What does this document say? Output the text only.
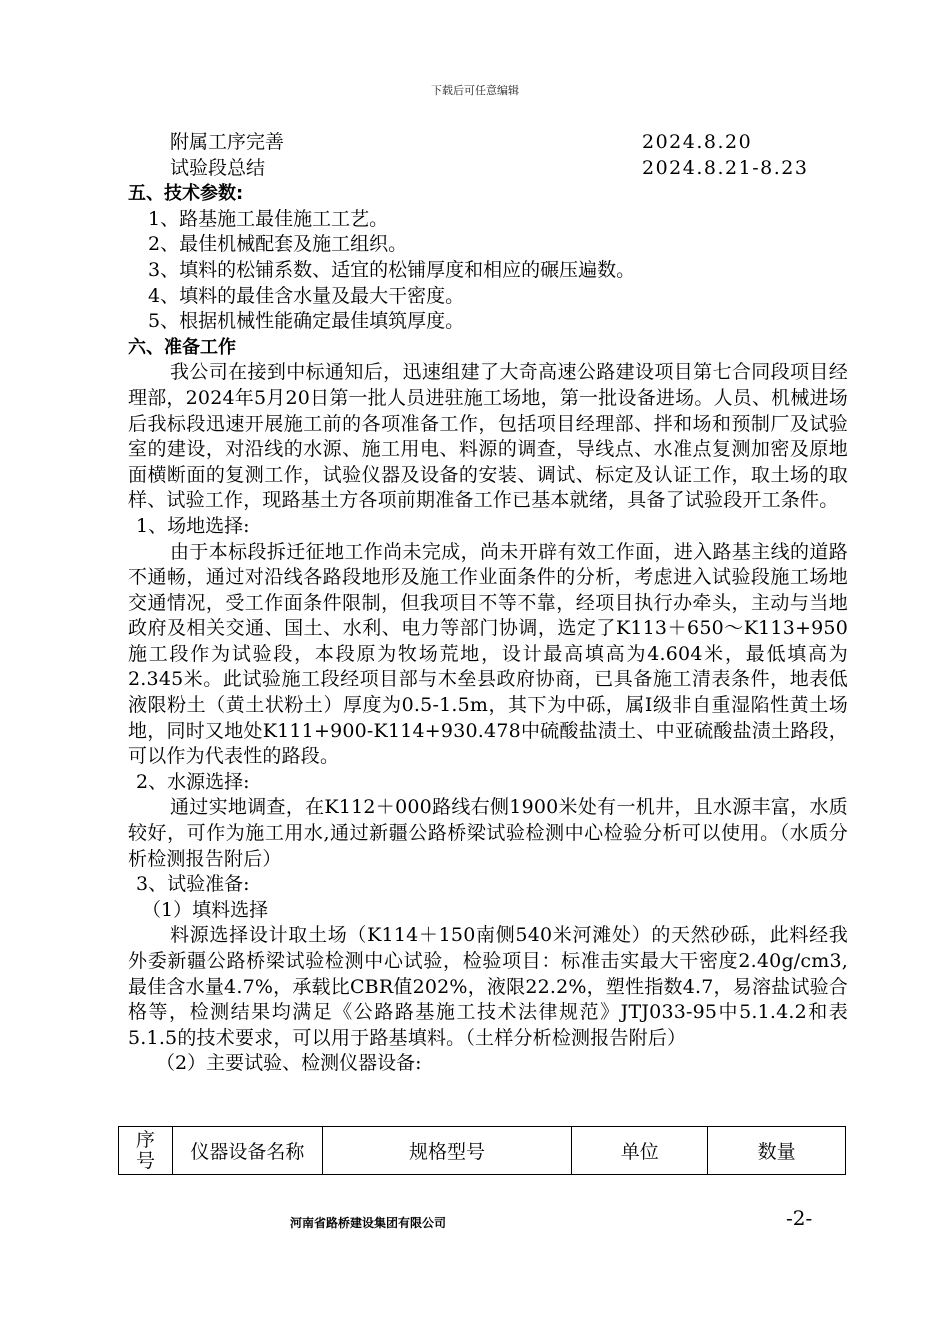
下载后可任意编辑
附属工序完善	2024.8.20
试验段总结	2024.8.21-8.23
五、技术参数:
1、路基施工最佳施工工艺。
2、最佳机械配套及施工组织。
3、填料的松铺系数、适宜的松铺厚度和相应的碾压遍数。
4、填料的最佳含水量及最大干密度。
5、根据机械性能确定最佳填筑厚度。
六、准备工作
我公司在接到中标通知后，迅速组建了大奇高速公路建设项目第七合同段项目经理部，2024年5月20日第一批人员进驻施工场地，第一批设备进场。人员、机械进场后我标段迅速开展施工前的各项准备工作，包括项目经理部、拌和场和预制厂及试验室的建设，对沿线的水源、施工用电、料源的调查，导线点、水准点复测加密及原地面横断面的复测工作，试验仪器及设备的安装、调试、标定及认证工作，取土场的取样、试验工作，现路基土方各项前期准备工作已基本就绪，具备了试验段开工条件。
1、场地选择:
由于本标段拆迁征地工作尚未完成，尚未开辟有效工作面，进入路基主线的道路不通畅，通过对沿线各路段地形及施工作业面条件的分析，考虑进入试验段施工场地交通情况，受工作面条件限制，但我项目不等不靠，经项目执行办牵头，主动与当地政府及相关交通、国土、水利、电力等部门协调，选定了K113＋650～K113+950施工段作为试验段，本段原为牧场荒地，设计最高填高为4.604米，最低填高为2.345米。此试验施工段经项目部与木垒县政府协商，已具备施工清表条件，地表低液限粉土（黄土状粉土）厚度为0.5-1.5m，其下为中砾，属Ⅰ级非自重湿陷性黄土场地，同时又地处K111+900-K114+930.478中硫酸盐渍土、中亚硫酸盐渍土路段，可以作为代表性的路段。
2、水源选择:
通过实地调查，在K112＋000路线右侧1900米处有一机井，且水源丰富，水质较好，可作为施工用水,通过新疆公路桥梁试验检测中心检验分析可以使用。（水质分析检测报告附后）
3、试验准备:
（1）填料选择
料源选择设计取土场（K114＋150南侧540米河滩处）的天然砂砾，此料经我外委新疆公路桥梁试验检测中心试验，检验项目：标准击实最大干密度2.40g/cm3,最佳含水量4.7%，承载比CBR值202%，液限22.2%，塑性指数4.7，易溶盐试验合格等，检测结果均满足《公路路基施工技术法律规范》JTJ033-95中5.1.4.2和表5.1.5的技术要求，可以用于路基填料。（土样分析检测报告附后）
（2）主要试验、检测仪器设备:
序号	仪器设备名称	规格型号	单位	数量
河南省路桥建设集团有限公司	-2-
